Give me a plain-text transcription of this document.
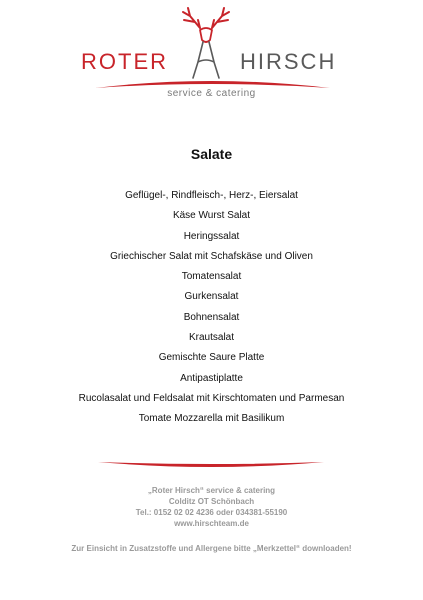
ROTER	HIRSCH
service & catering
Salate
Geflügel-, Rindfleisch-, Herz-, Eiersalat
Käse Wurst Salat
Heringssalat
Griechischer Salat mit Schafskäse und Oliven
Tomatensalat
Gurkensalat
Bohnensalat
Krautsalat
Gemischte Saure Platte
Antipastiplatte
Rucolasalat und Feldsalat mit Kirschtomaten und Parmesan
Tomate Mozzarella mit Basilikum
„Roter Hirsch“ service & catering
Colditz OT Schönbach
Tel.: 0152 02 02 4236 oder 034381-55190
www.hirschteam.de
Zur Einsicht in Zusatzstoffe und Allergene bitte „Merkzettel“ downloaden!
